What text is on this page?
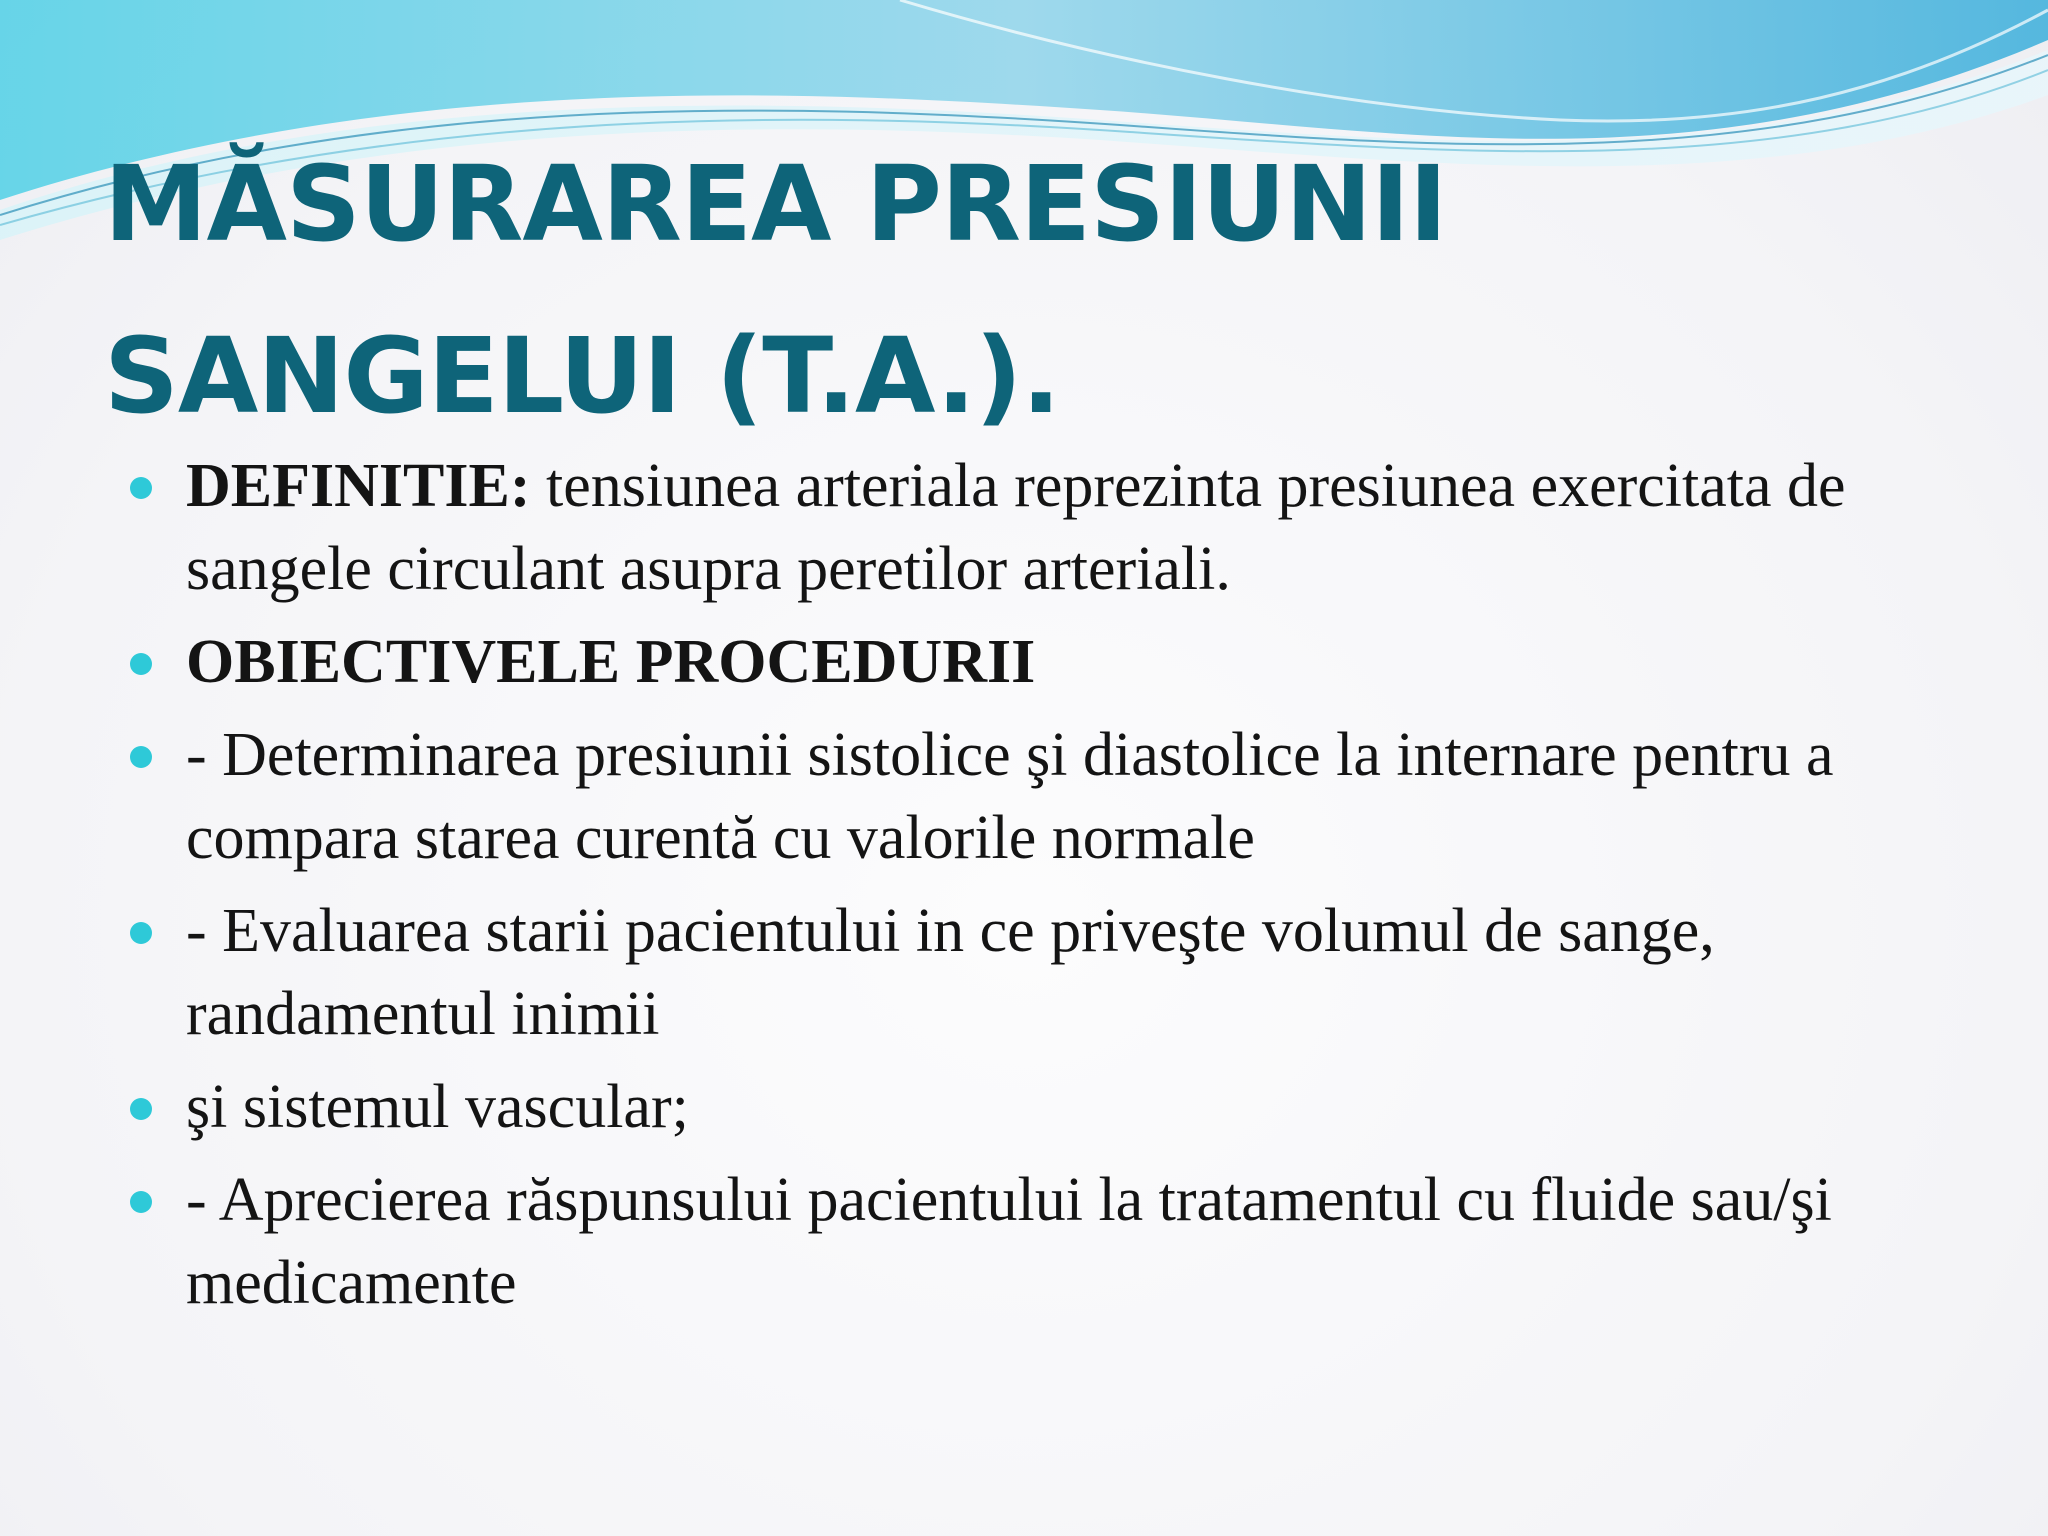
MĂSURAREA PRESIUNII SANGELUI (T.A.).
DEFINITIE: tensiunea arteriala reprezinta presiunea exercitata de sangele circulant asupra peretilor arteriali.
OBIECTIVELE PROCEDURII
- Determinarea presiunii sistolice şi diastolice la internare pentru a compara starea curentă cu valorile normale
- Evaluarea starii pacientului in ce priveşte volumul de sange, randamentul inimii
şi sistemul vascular;
- Aprecierea răspunsului pacientului la tratamentul cu fluide sau/şi medicamente
